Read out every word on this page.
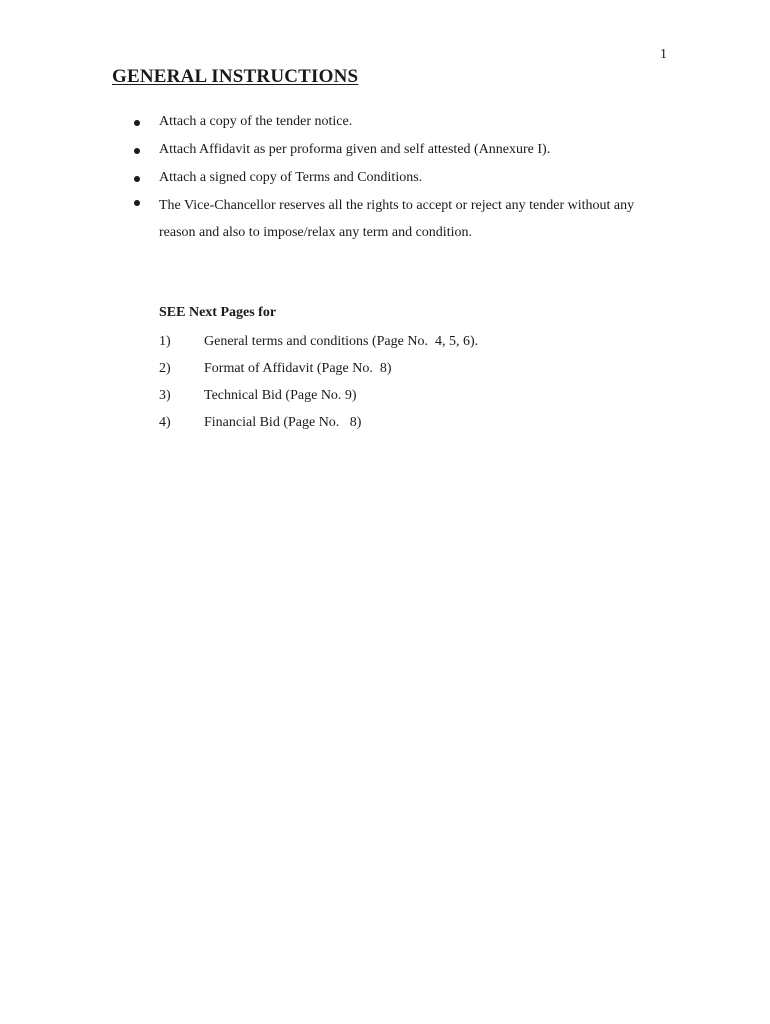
1
GENERAL INSTRUCTIONS
Attach a copy of the tender notice.
Attach Affidavit as per proforma given and self attested (Annexure I).
Attach a signed copy of Terms and Conditions.
The Vice-Chancellor reserves all the rights to accept or reject any tender without any reason and also to impose/relax any term and condition.
SEE Next Pages for
1) General terms and conditions (Page No.  4, 5, 6).
2) Format of Affidavit (Page No.  8)
3) Technical Bid (Page No. 9)
4) Financial Bid (Page No.   8)
